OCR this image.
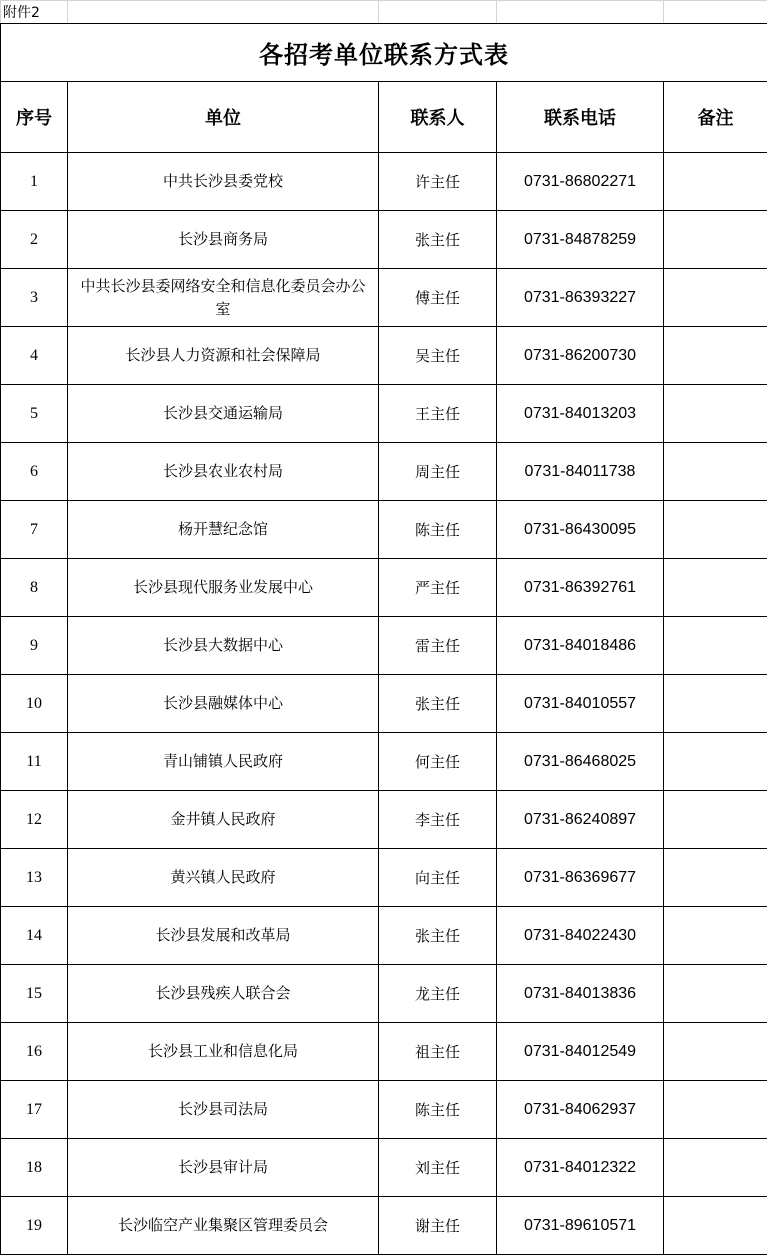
附件2				
各招考单位联系方式表				
序号	单位	联系人	联系电话	备注
1	中共长沙县委党校	许主任	0731-86802271	
2	长沙县商务局	张主任	0731-84878259	
3	中共长沙县委网络安全和信息化委员会办公室	傅主任	0731-86393227	
4	长沙县人力资源和社会保障局	吴主任	0731-86200730	
5	长沙县交通运输局	王主任	0731-84013203	
6	长沙县农业农村局	周主任	0731-84011738	
7	杨开慧纪念馆	陈主任	0731-86430095	
8	长沙县现代服务业发展中心	严主任	0731-86392761	
9	长沙县大数据中心	雷主任	0731-84018486	
10	长沙县融媒体中心	张主任	0731-84010557	
11	青山铺镇人民政府	何主任	0731-86468025	
12	金井镇人民政府	李主任	0731-86240897	
13	黄兴镇人民政府	向主任	0731-86369677	
14	长沙县发展和改革局	张主任	0731-84022430	
15	长沙县残疾人联合会	龙主任	0731-84013836	
16	长沙县工业和信息化局	祖主任	0731-84012549	
17	长沙县司法局	陈主任	0731-84062937	
18	长沙县审计局	刘主任	0731-84012322	
19	长沙临空产业集聚区管理委员会	谢主任	0731-89610571	
